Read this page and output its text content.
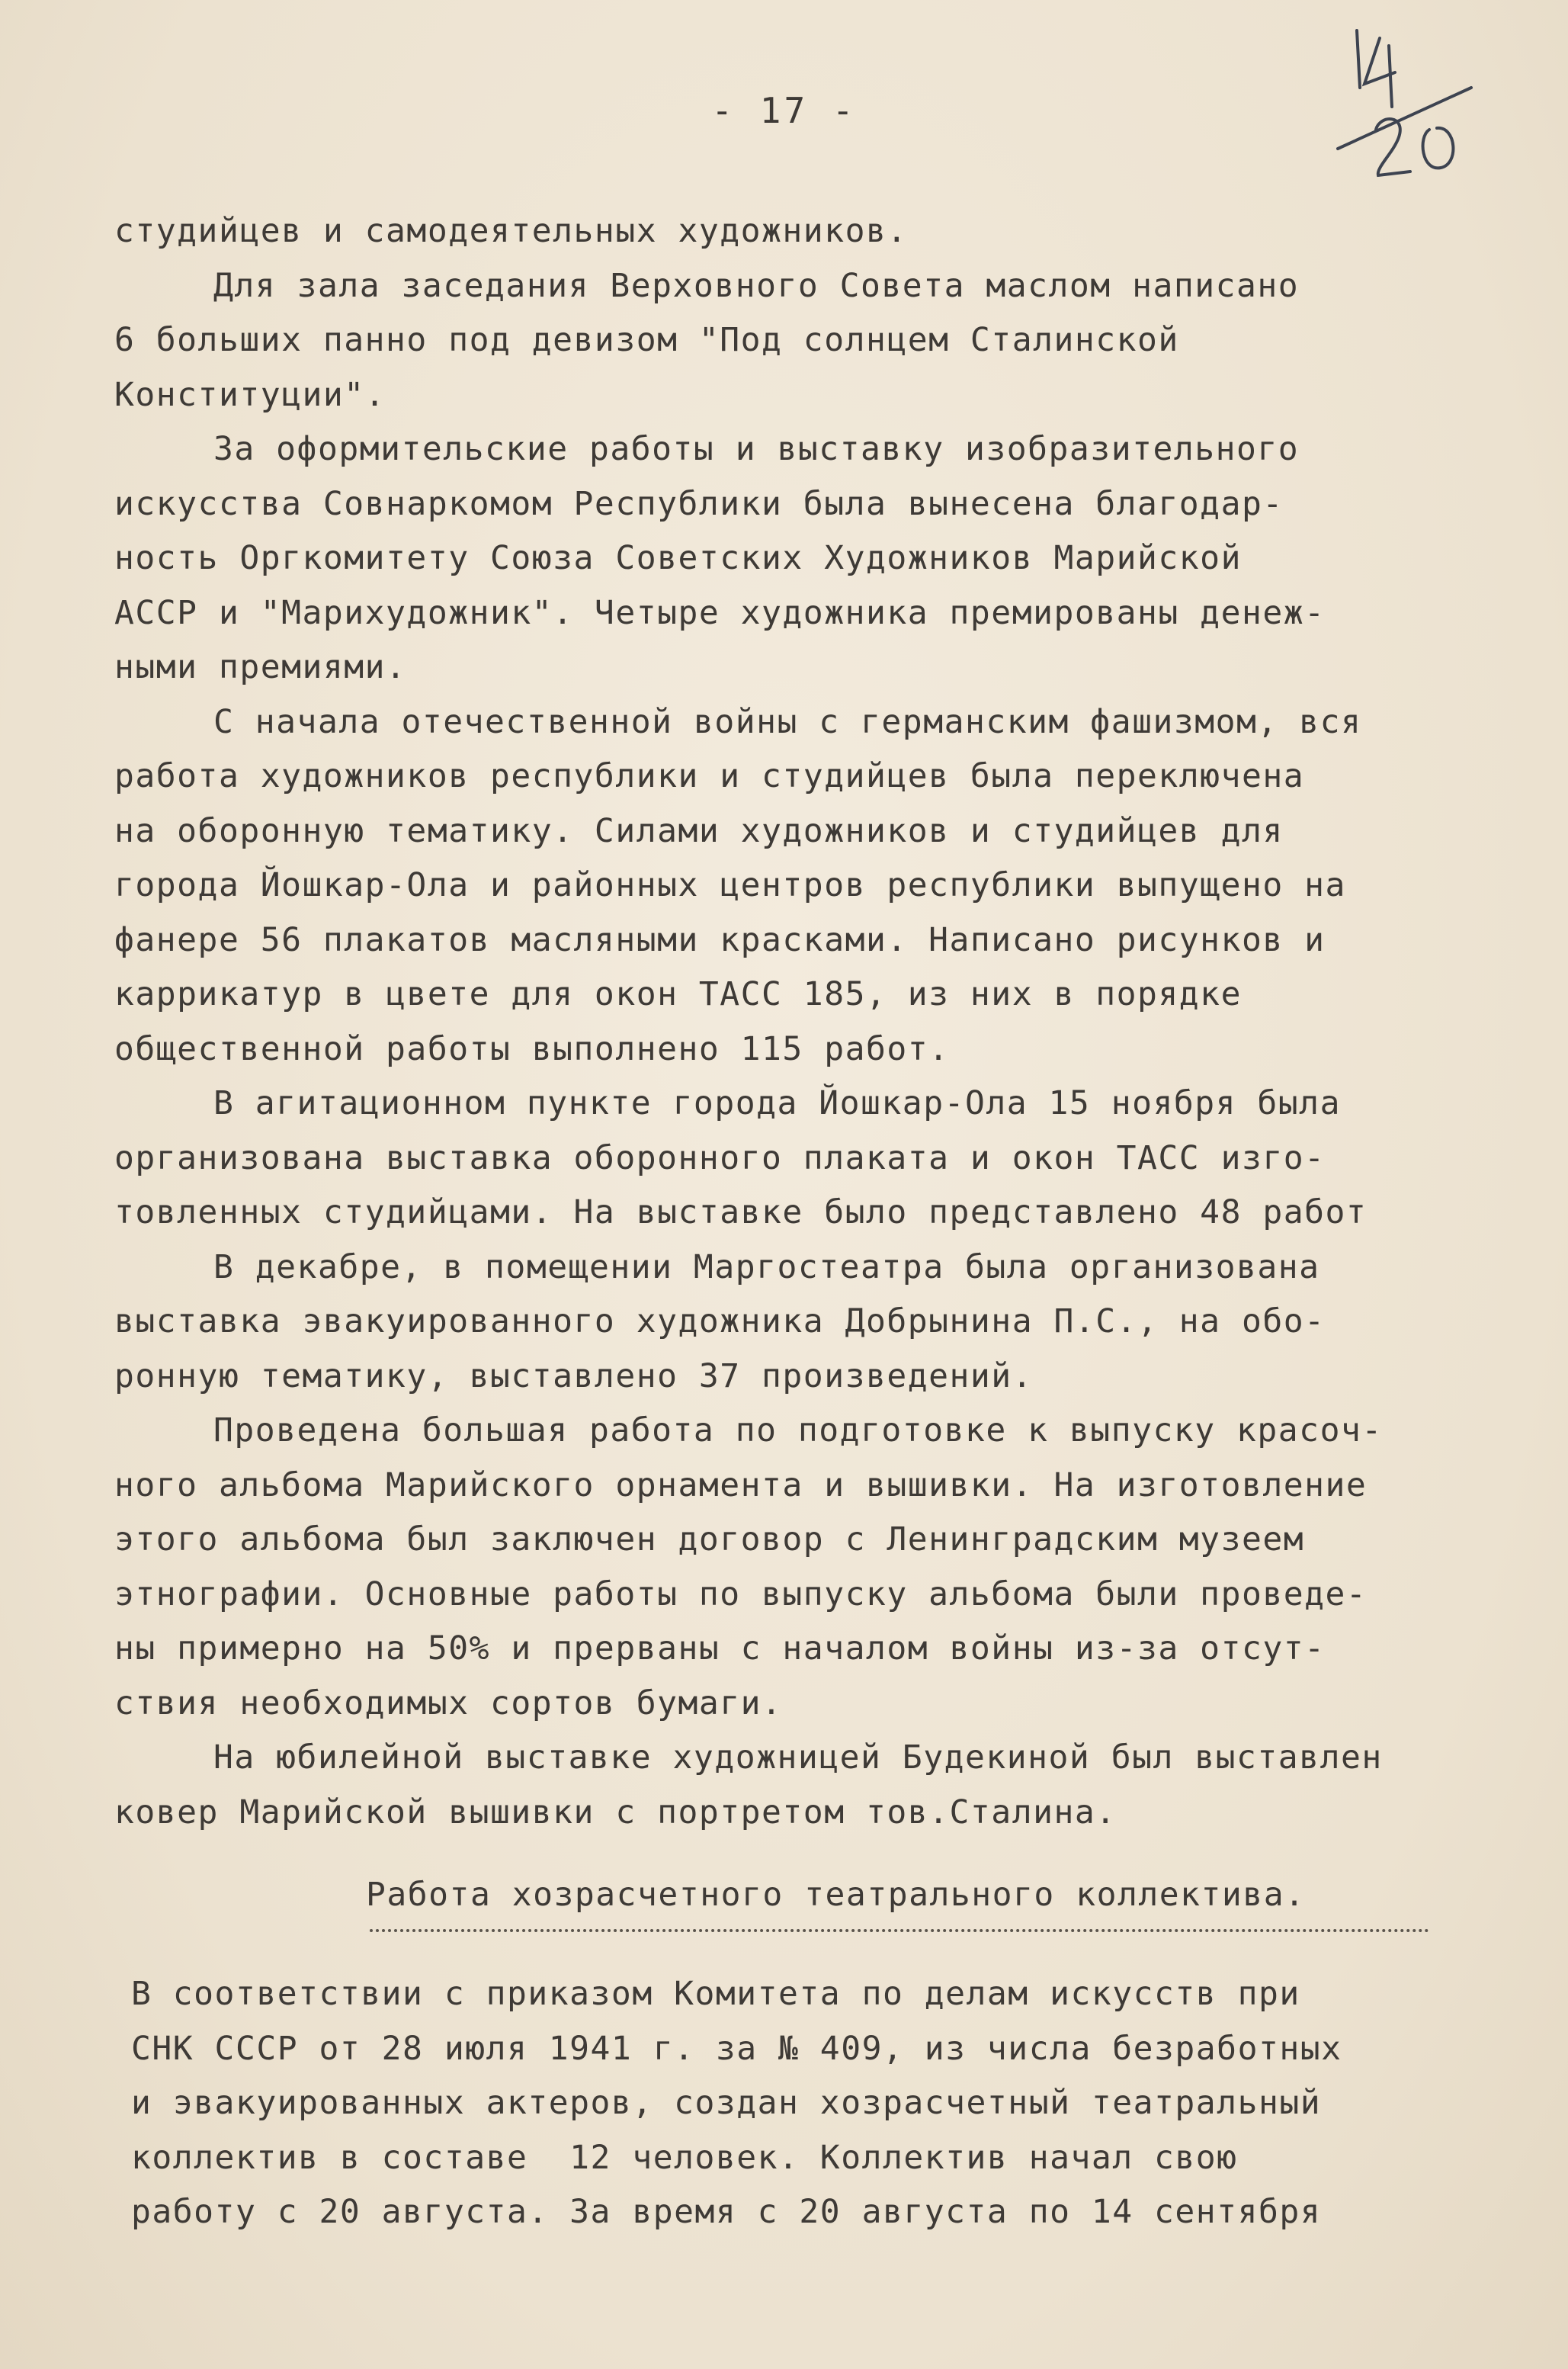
- 17 -
студийцев и самодеятельных художников.
Для зала заседания Верховного Совета маслом написано
6 больших панно под девизом "Под солнцем Сталинской
Конституции".
За оформительские работы и выставку изобразительного
искусства Совнаркомом Республики была вынесена благодар-
ность Оргкомитету Союза Советских Художников Марийской
АССР и "Марихудожник". Четыре художника премированы денеж-
ными премиями.
С начала отечественной войны с германским фашизмом, вся
работа художников республики и студийцев была переключена
на оборонную тематику. Силами художников и студийцев для
города Йошкар-Ола и районных центров республики выпущено на
фанере 56 плакатов масляными красками. Написано рисунков и
каррикатур в цвете для окон ТАСС 185, из них в порядке
общественной работы выполнено 115 работ.
В агитационном пункте города Йошкар-Ола 15 ноября была
организована выставка оборонного плаката и окон ТАСС изго-
товленных студийцами. На выставке было представлено 48 работ
В декабре, в помещении Маргостеатра была организована
выставка эвакуированного художника Добрынина П.С., на обо-
ронную тематику, выставлено 37 произведений.
Проведена большая работа по подготовке к выпуску красоч-
ного альбома Марийского орнамента и вышивки. На изготовление
этого альбома был заключен договор с Ленинградским музеем
этнографии. Основные работы по выпуску альбома были проведе-
ны примерно на 50% и прерваны с началом войны из-за отсут-
ствия необходимых сортов бумаги.
На юбилейной выставке художницей Будекиной был выставлен
ковер Марийской вышивки с портретом тов.Сталина.
Работа хозрасчетного театрального коллектива.
В соответствии с приказом Комитета по делам искусств при
СНК СССР от 28 июля 1941 г. за № 409, из числа безработных
и эвакуированных актеров, создан хозрасчетный театральный
коллектив в составе  12 человек. Коллектив начал свою
работу с 20 августа. За время с 20 августа по 14 сентября
